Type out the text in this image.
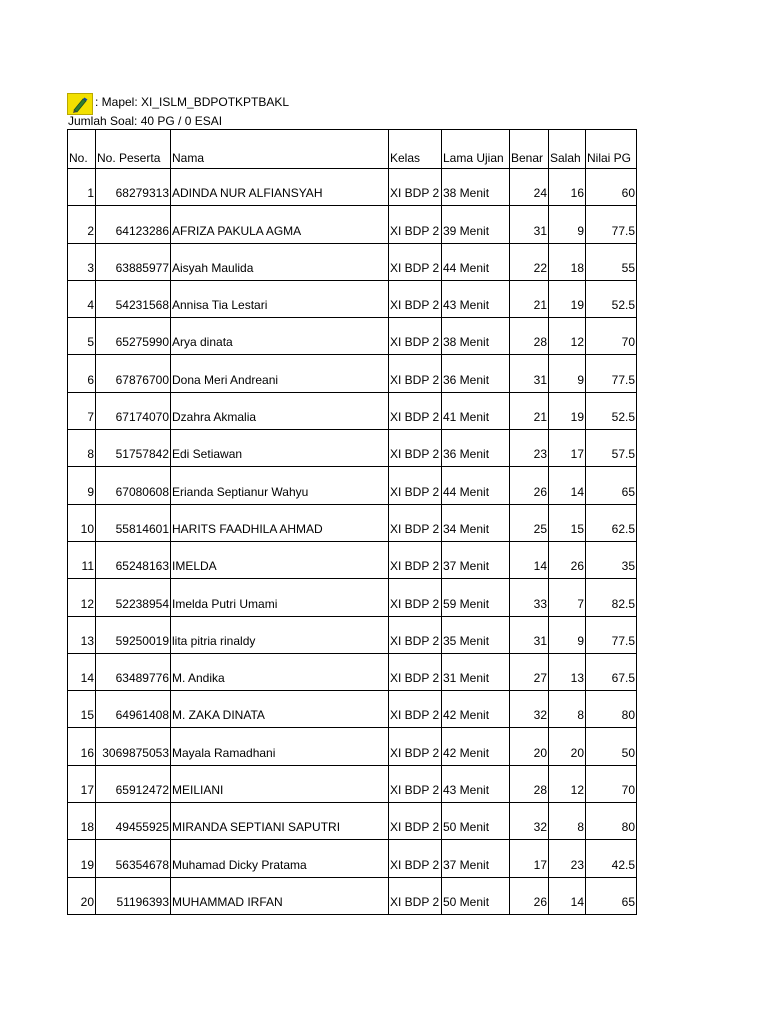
: Mapel: XI_ISLM_BDPOTKPTBAKL
Jumlah Soal: 40 PG / 0 ESAI
No.	No. Peserta	Nama	Kelas	Lama Ujian	Benar	Salah	Nilai PG
1	68279313	ADINDA NUR ALFIANSYAH	XI BDP 2	38 Menit	24	16	60
2	64123286	AFRIZA PAKULA AGMA	XI BDP 2	39 Menit	31	9	77.5
3	63885977	Aisyah Maulida	XI BDP 2	44 Menit	22	18	55
4	54231568	Annisa Tia Lestari	XI BDP 2	43 Menit	21	19	52.5
5	65275990	Arya dinata	XI BDP 2	38 Menit	28	12	70
6	67876700	Dona Meri Andreani	XI BDP 2	36 Menit	31	9	77.5
7	67174070	Dzahra Akmalia	XI BDP 2	41 Menit	21	19	52.5
8	51757842	Edi Setiawan	XI BDP 2	36 Menit	23	17	57.5
9	67080608	Erianda Septianur Wahyu	XI BDP 2	44 Menit	26	14	65
10	55814601	HARITS FAADHILA AHMAD	XI BDP 2	34 Menit	25	15	62.5
11	65248163	IMELDA	XI BDP 2	37 Menit	14	26	35
12	52238954	Imelda Putri Umami	XI BDP 2	59 Menit	33	7	82.5
13	59250019	lita pitria rinaldy	XI BDP 2	35 Menit	31	9	77.5
14	63489776	M. Andika	XI BDP 2	31 Menit	27	13	67.5
15	64961408	M. ZAKA DINATA	XI BDP 2	42 Menit	32	8	80
16	3069875053	Mayala Ramadhani	XI BDP 2	42 Menit	20	20	50
17	65912472	MEILIANI	XI BDP 2	43 Menit	28	12	70
18	49455925	MIRANDA SEPTIANI SAPUTRI	XI BDP 2	50 Menit	32	8	80
19	56354678	Muhamad Dicky Pratama	XI BDP 2	37 Menit	17	23	42.5
20	51196393	MUHAMMAD IRFAN	XI BDP 2	50 Menit	26	14	65
